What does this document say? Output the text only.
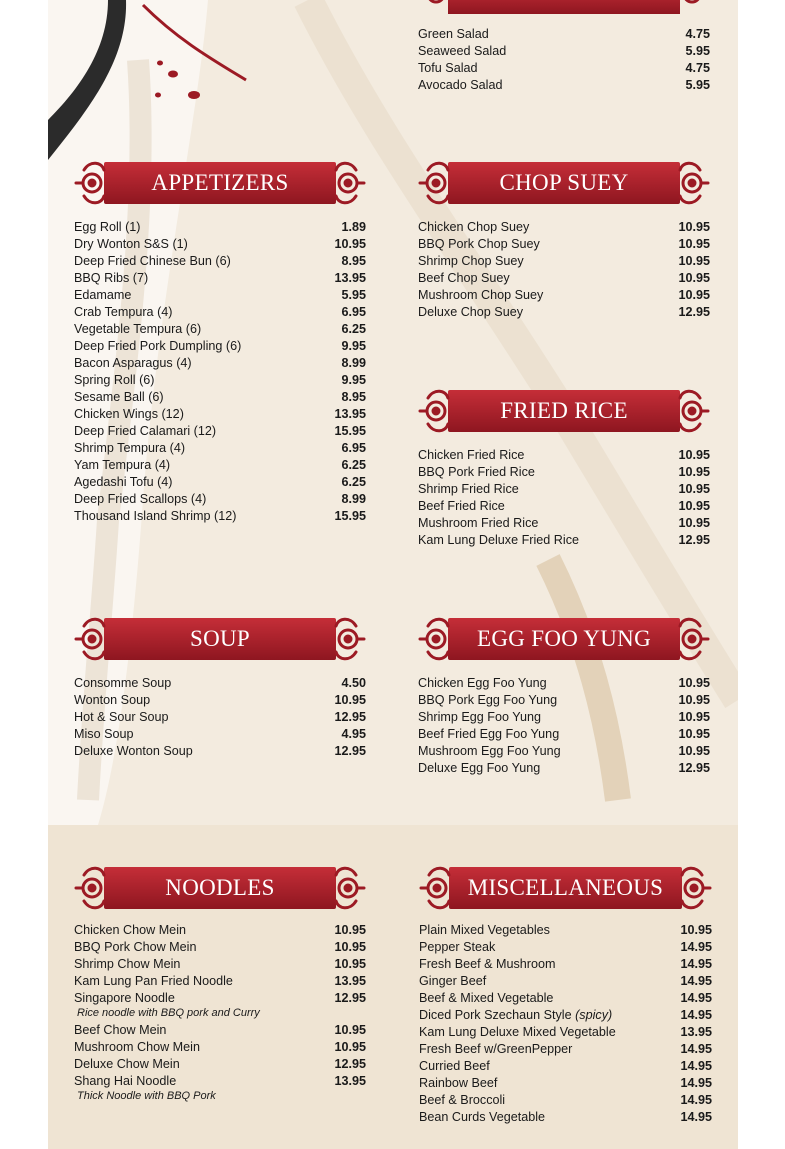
Green Salad	4.75
Seaweed Salad	5.95
Tofu Salad	4.75
Avocado Salad	5.95
APPETIZERS
Egg Roll (1)	1.89
Dry Wonton S&S (1)	10.95
Deep Fried Chinese Bun (6)	8.95
BBQ Ribs (7)	13.95
Edamame	5.95
Crab Tempura (4)	6.95
Vegetable Tempura (6)	6.25
Deep Fried Pork Dumpling (6)	9.95
Bacon Asparagus (4)	8.99
Spring Roll (6)	9.95
Sesame Ball (6)	8.95
Chicken Wings (12)	13.95
Deep Fried Calamari (12)	15.95
Shrimp Tempura (4)	6.95
Yam Tempura (4)	6.25
Agedashi Tofu (4)	6.25
Deep Fried Scallops (4)	8.99
Thousand Island Shrimp (12)	15.95
CHOP SUEY
Chicken Chop Suey	10.95
BBQ Pork Chop Suey	10.95
Shrimp Chop Suey	10.95
Beef Chop Suey	10.95
Mushroom Chop Suey	10.95
Deluxe Chop Suey	12.95
FRIED RICE
Chicken Fried Rice	10.95
BBQ Pork Fried Rice	10.95
Shrimp Fried Rice	10.95
Beef Fried Rice	10.95
Mushroom Fried Rice	10.95
Kam Lung Deluxe Fried Rice	12.95
SOUP
Consomme Soup	4.50
Wonton Soup	10.95
Hot & Sour Soup	12.95
Miso Soup	4.95
Deluxe Wonton Soup	12.95
EGG FOO YUNG
Chicken Egg Foo Yung	10.95
BBQ Pork Egg Foo Yung	10.95
Shrimp Egg Foo Yung	10.95
Beef Fried Egg Foo Yung	10.95
Mushroom Egg Foo Yung	10.95
Deluxe Egg Foo Yung	12.95
NOODLES
Chicken Chow Mein	10.95
BBQ Pork Chow Mein	10.95
Shrimp Chow Mein	10.95
Kam Lung Pan Fried Noodle	13.95
Singapore Noodle	12.95
Rice noodle with BBQ pork and Curry
Beef Chow Mein	10.95
Mushroom Chow Mein	10.95
Deluxe Chow Mein	12.95
Shang Hai Noodle	13.95
Thick Noodle with BBQ Pork
MISCELLANEOUS
Plain Mixed Vegetables	10.95
Pepper Steak	14.95
Fresh Beef & Mushroom	14.95
Ginger Beef	14.95
Beef & Mixed Vegetable	14.95
Diced Pork Szechaun Style (spicy)	14.95
Kam Lung Deluxe Mixed Vegetable	13.95
Fresh Beef w/GreenPepper	14.95
Curried Beef	14.95
Rainbow Beef	14.95
Beef & Broccoli	14.95
Bean Curds Vegetable	14.95
